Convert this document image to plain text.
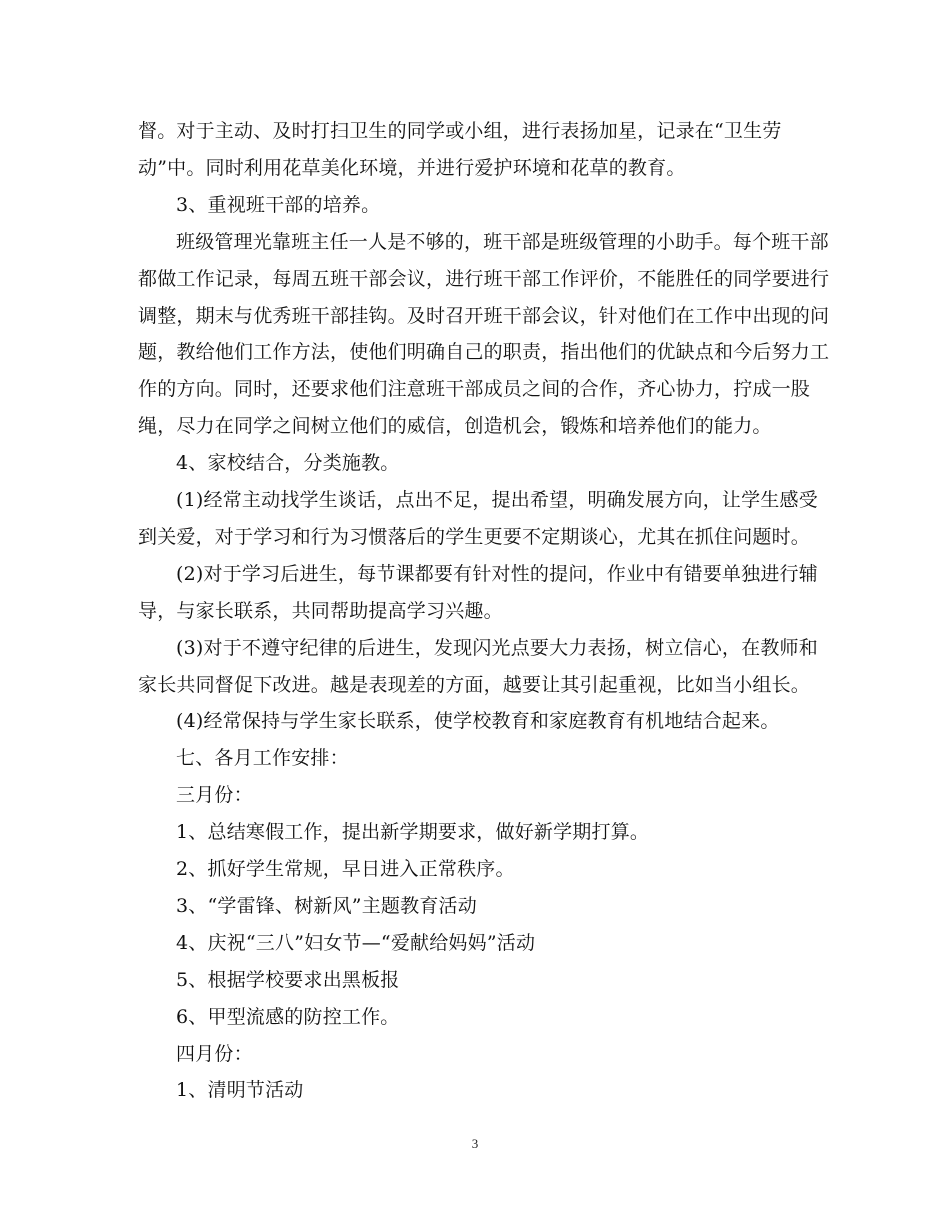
督。对于主动、及时打扫卫生的同学或小组，进行表扬加星，记录在“卫生劳
动”中。同时利用花草美化环境，并进行爱护环境和花草的教育。
3、重视班干部的培养。
班级管理光靠班主任一人是不够的，班干部是班级管理的小助手。每个班干部
都做工作记录，每周五班干部会议，进行班干部工作评价，不能胜任的同学要进行
调整，期末与优秀班干部挂钩。及时召开班干部会议，针对他们在工作中出现的问
题，教给他们工作方法，使他们明确自己的职责，指出他们的优缺点和今后努力工
作的方向。同时，还要求他们注意班干部成员之间的合作，齐心协力，拧成一股
绳，尽力在同学之间树立他们的威信，创造机会，锻炼和培养他们的能力。
4、家校结合，分类施教。
(1)经常主动找学生谈话，点出不足，提出希望，明确发展方向，让学生感受
到关爱，对于学习和行为习惯落后的学生更要不定期谈心，尤其在抓住问题时。
(2)对于学习后进生，每节课都要有针对性的提问，作业中有错要单独进行辅
导，与家长联系，共同帮助提高学习兴趣。
(3)对于不遵守纪律的后进生，发现闪光点要大力表扬，树立信心，在教师和
家长共同督促下改进。越是表现差的方面，越要让其引起重视，比如当小组长。
(4)经常保持与学生家长联系，使学校教育和家庭教育有机地结合起来。
七、各月工作安排：
三月份：
1、总结寒假工作，提出新学期要求，做好新学期打算。
2、抓好学生常规，早日进入正常秩序。
3、“学雷锋、树新风”主题教育活动
4、庆祝“三八”妇女节—“爱献给妈妈”活动
5、根据学校要求出黑板报
6、甲型流感的防控工作。
四月份：
1、清明节活动
3
